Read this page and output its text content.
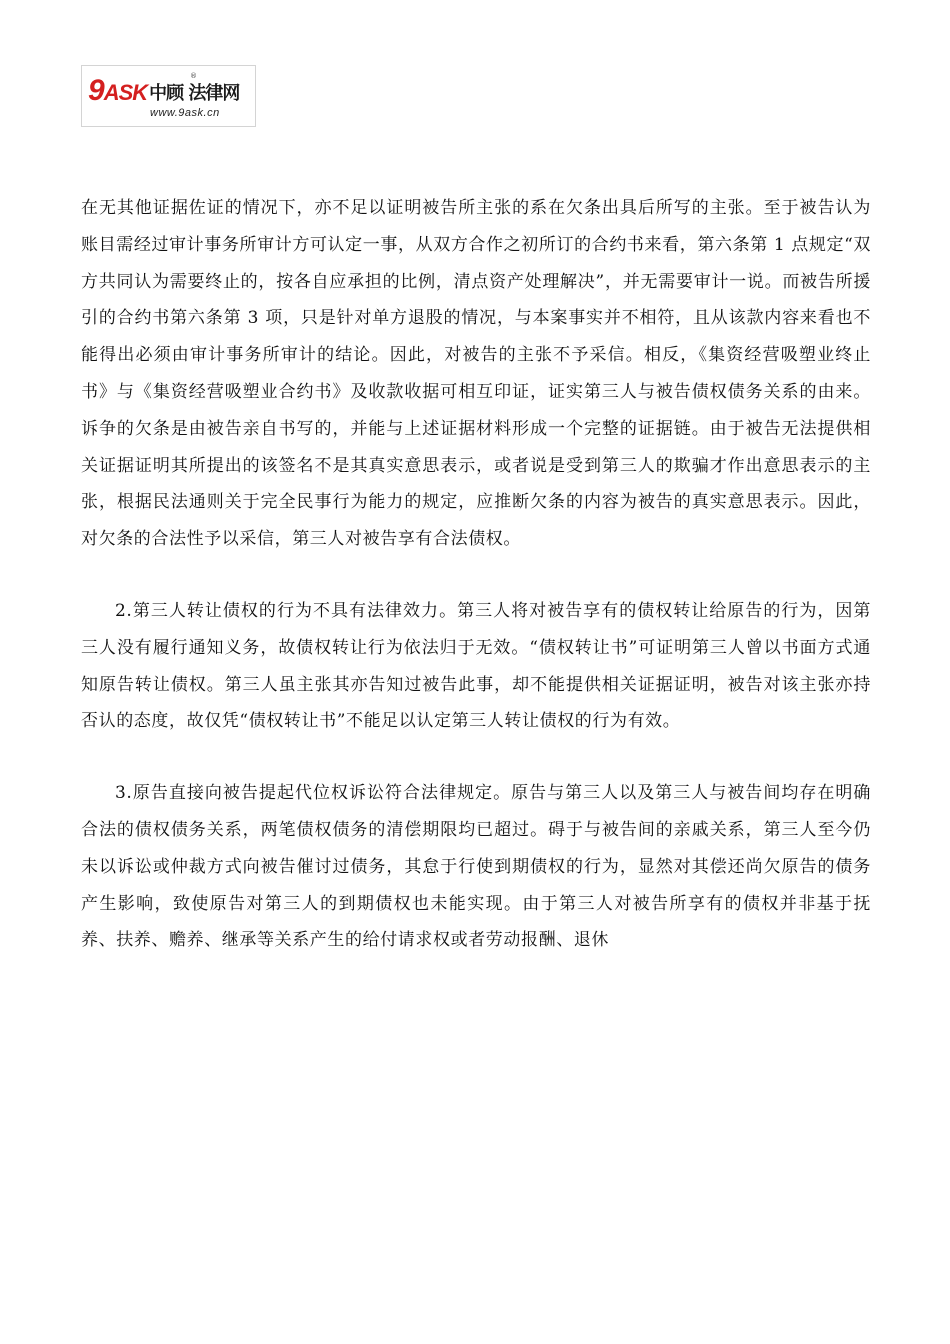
9 ASK 中顾 法律网
®
www.9ask.cn

在无其他证据佐证的情况下，亦不足以证明被告所主张的系在欠条出具后所写的主张。至于被告认为账目需经过审计事务所审计方可认定一事，从双方合作之初所订的合约书来看，第六条第 1 点规定“双方共同认为需要终止的，按各自应承担的比例，清点资产处理解决”，并无需要审计一说。而被告所援引的合约书第六条第 3 项，只是针对单方退股的情况，与本案事实并不相符，且从该款内容来看也不能得出必须由审计事务所审计的结论。因此，对被告的主张不予采信。相反，《集资经营吸塑业终止书》与《集资经营吸塑业合约书》及收款收据可相互印证，证实第三人与被告债权债务关系的由来。诉争的欠条是由被告亲自书写的，并能与上述证据材料形成一个完整的证据链。由于被告无法提供相关证据证明其所提出的该签名不是其真实意思表示，或者说是受到第三人的欺骗才作出意思表示的主张，根据民法通则关于完全民事行为能力的规定，应推断欠条的内容为被告的真实意思表示。因此，对欠条的合法性予以采信，第三人对被告享有合法债权。

2.第三人转让债权的行为不具有法律效力。第三人将对被告享有的债权转让给原告的行为，因第三人没有履行通知义务，故债权转让行为依法归于无效。“债权转让书”可证明第三人曾以书面方式通知原告转让债权。第三人虽主张其亦告知过被告此事，却不能提供相关证据证明，被告对该主张亦持否认的态度，故仅凭“债权转让书”不能足以认定第三人转让债权的行为有效。

3.原告直接向被告提起代位权诉讼符合法律规定。原告与第三人以及第三人与被告间均存在明确合法的债权债务关系，两笔债权债务的清偿期限均已超过。碍于与被告间的亲戚关系，第三人至今仍未以诉讼或仲裁方式向被告催讨过债务，其怠于行使到期债权的行为，显然对其偿还尚欠原告的债务产生影响，致使原告对第三人的到期债权也未能实现。由于第三人对被告所享有的债权并非基于抚养、扶养、赡养、继承等关系产生的给付请求权或者劳动报酬、退休
